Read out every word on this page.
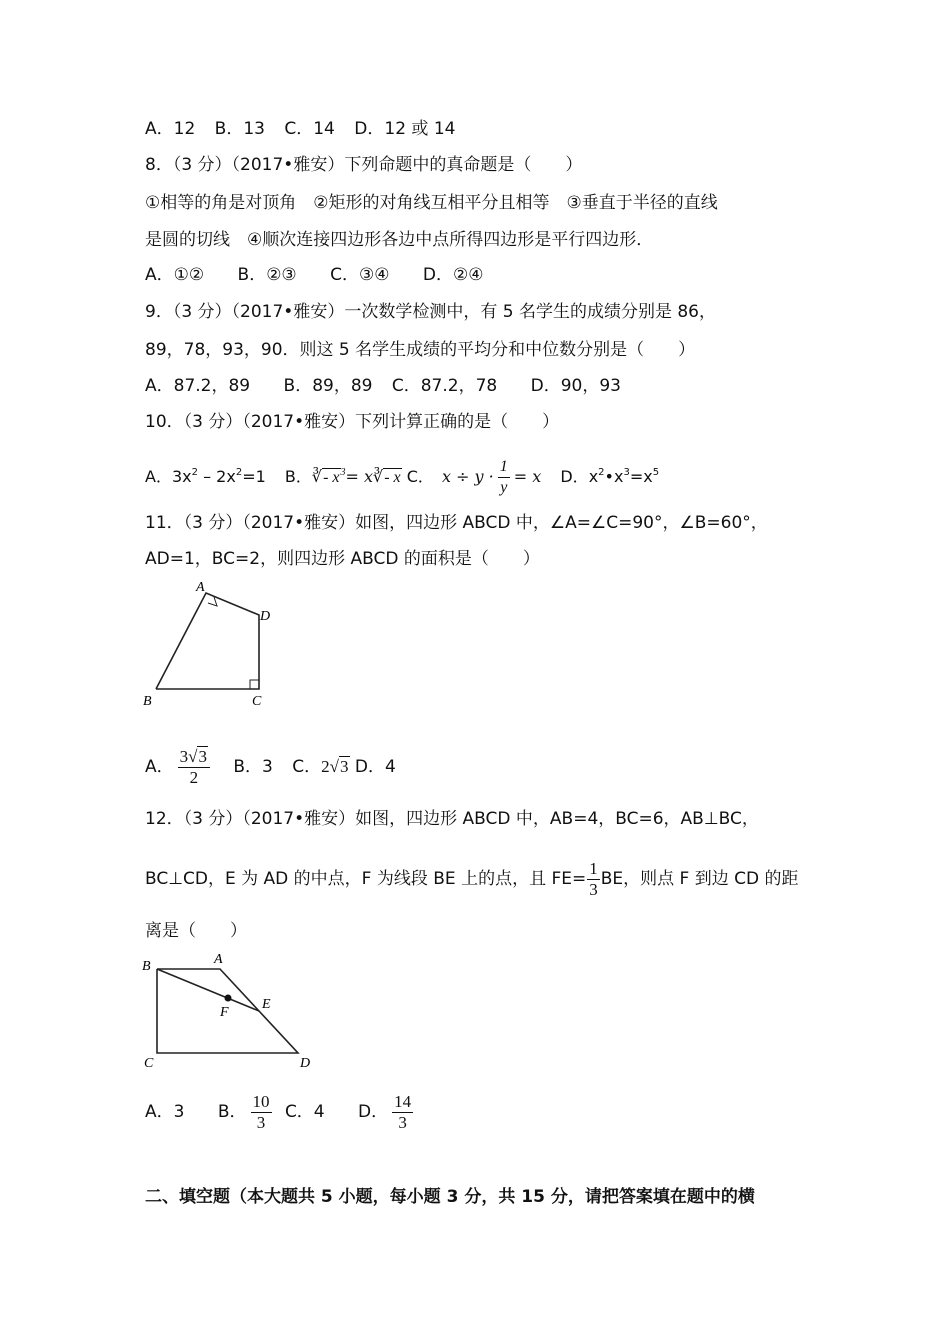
A．12 B．13 C．14 D．12 或 14
8．（3 分）（2017•雅安）下列命题中的真命题是（　　）
①相等的角是对顶角　②矩形的对角线互相平分且相等　③垂直于半径的直线
是圆的切线　④顺次连接四边形各边中点所得四边形是平行四边形．
A．①② B．②③ C．③④ D．②④
9．（3 分）（2017•雅安）一次数学检测中，有 5 名学生的成绩分别是 86，
89，78，93，90．则这 5 名学生成绩的平均分和中位数分别是（　　）
A．87.2，89 B．89，89 C．87.2，78 D．90，93
10．（3 分）（2017•雅安）下列计算正确的是（　　）
A．$3x^2 - 2x^2=1$ B．∛- $x^3=$ x∛- x C． $x \div y \cdot \frac{1}{y} = x$ D．$x^2•x^3=x^5$
11．（3 分）（2017•雅安）如图，四边形 ABCD 中，∠A=∠C=90°，∠B=60°，
AD=1，BC=2，则四边形 ABCD 的面积是（　　）
A
D
B	C
A． $\frac{3√3}{2}$ B．3 C．2√3 D．4
12．（3 分）（2017•雅安）如图，四边形 ABCD 中，AB=4，BC=6，AB⊥BC，
BC⊥CD，E 为 AD 的中点，F 为线段 BE 上的点，且 $FE= \frac{1}{3}$ BE，则点 F 到边 CD 的距
离是（　　）
B	A
E
F
C	D
A．3 B． $\frac{10}{3}$ C．4 D． $\frac{14}{3}$
二、填空题（本大题共 5 小题，每小题 3 分，共 15 分，请把答案填在题中的横
